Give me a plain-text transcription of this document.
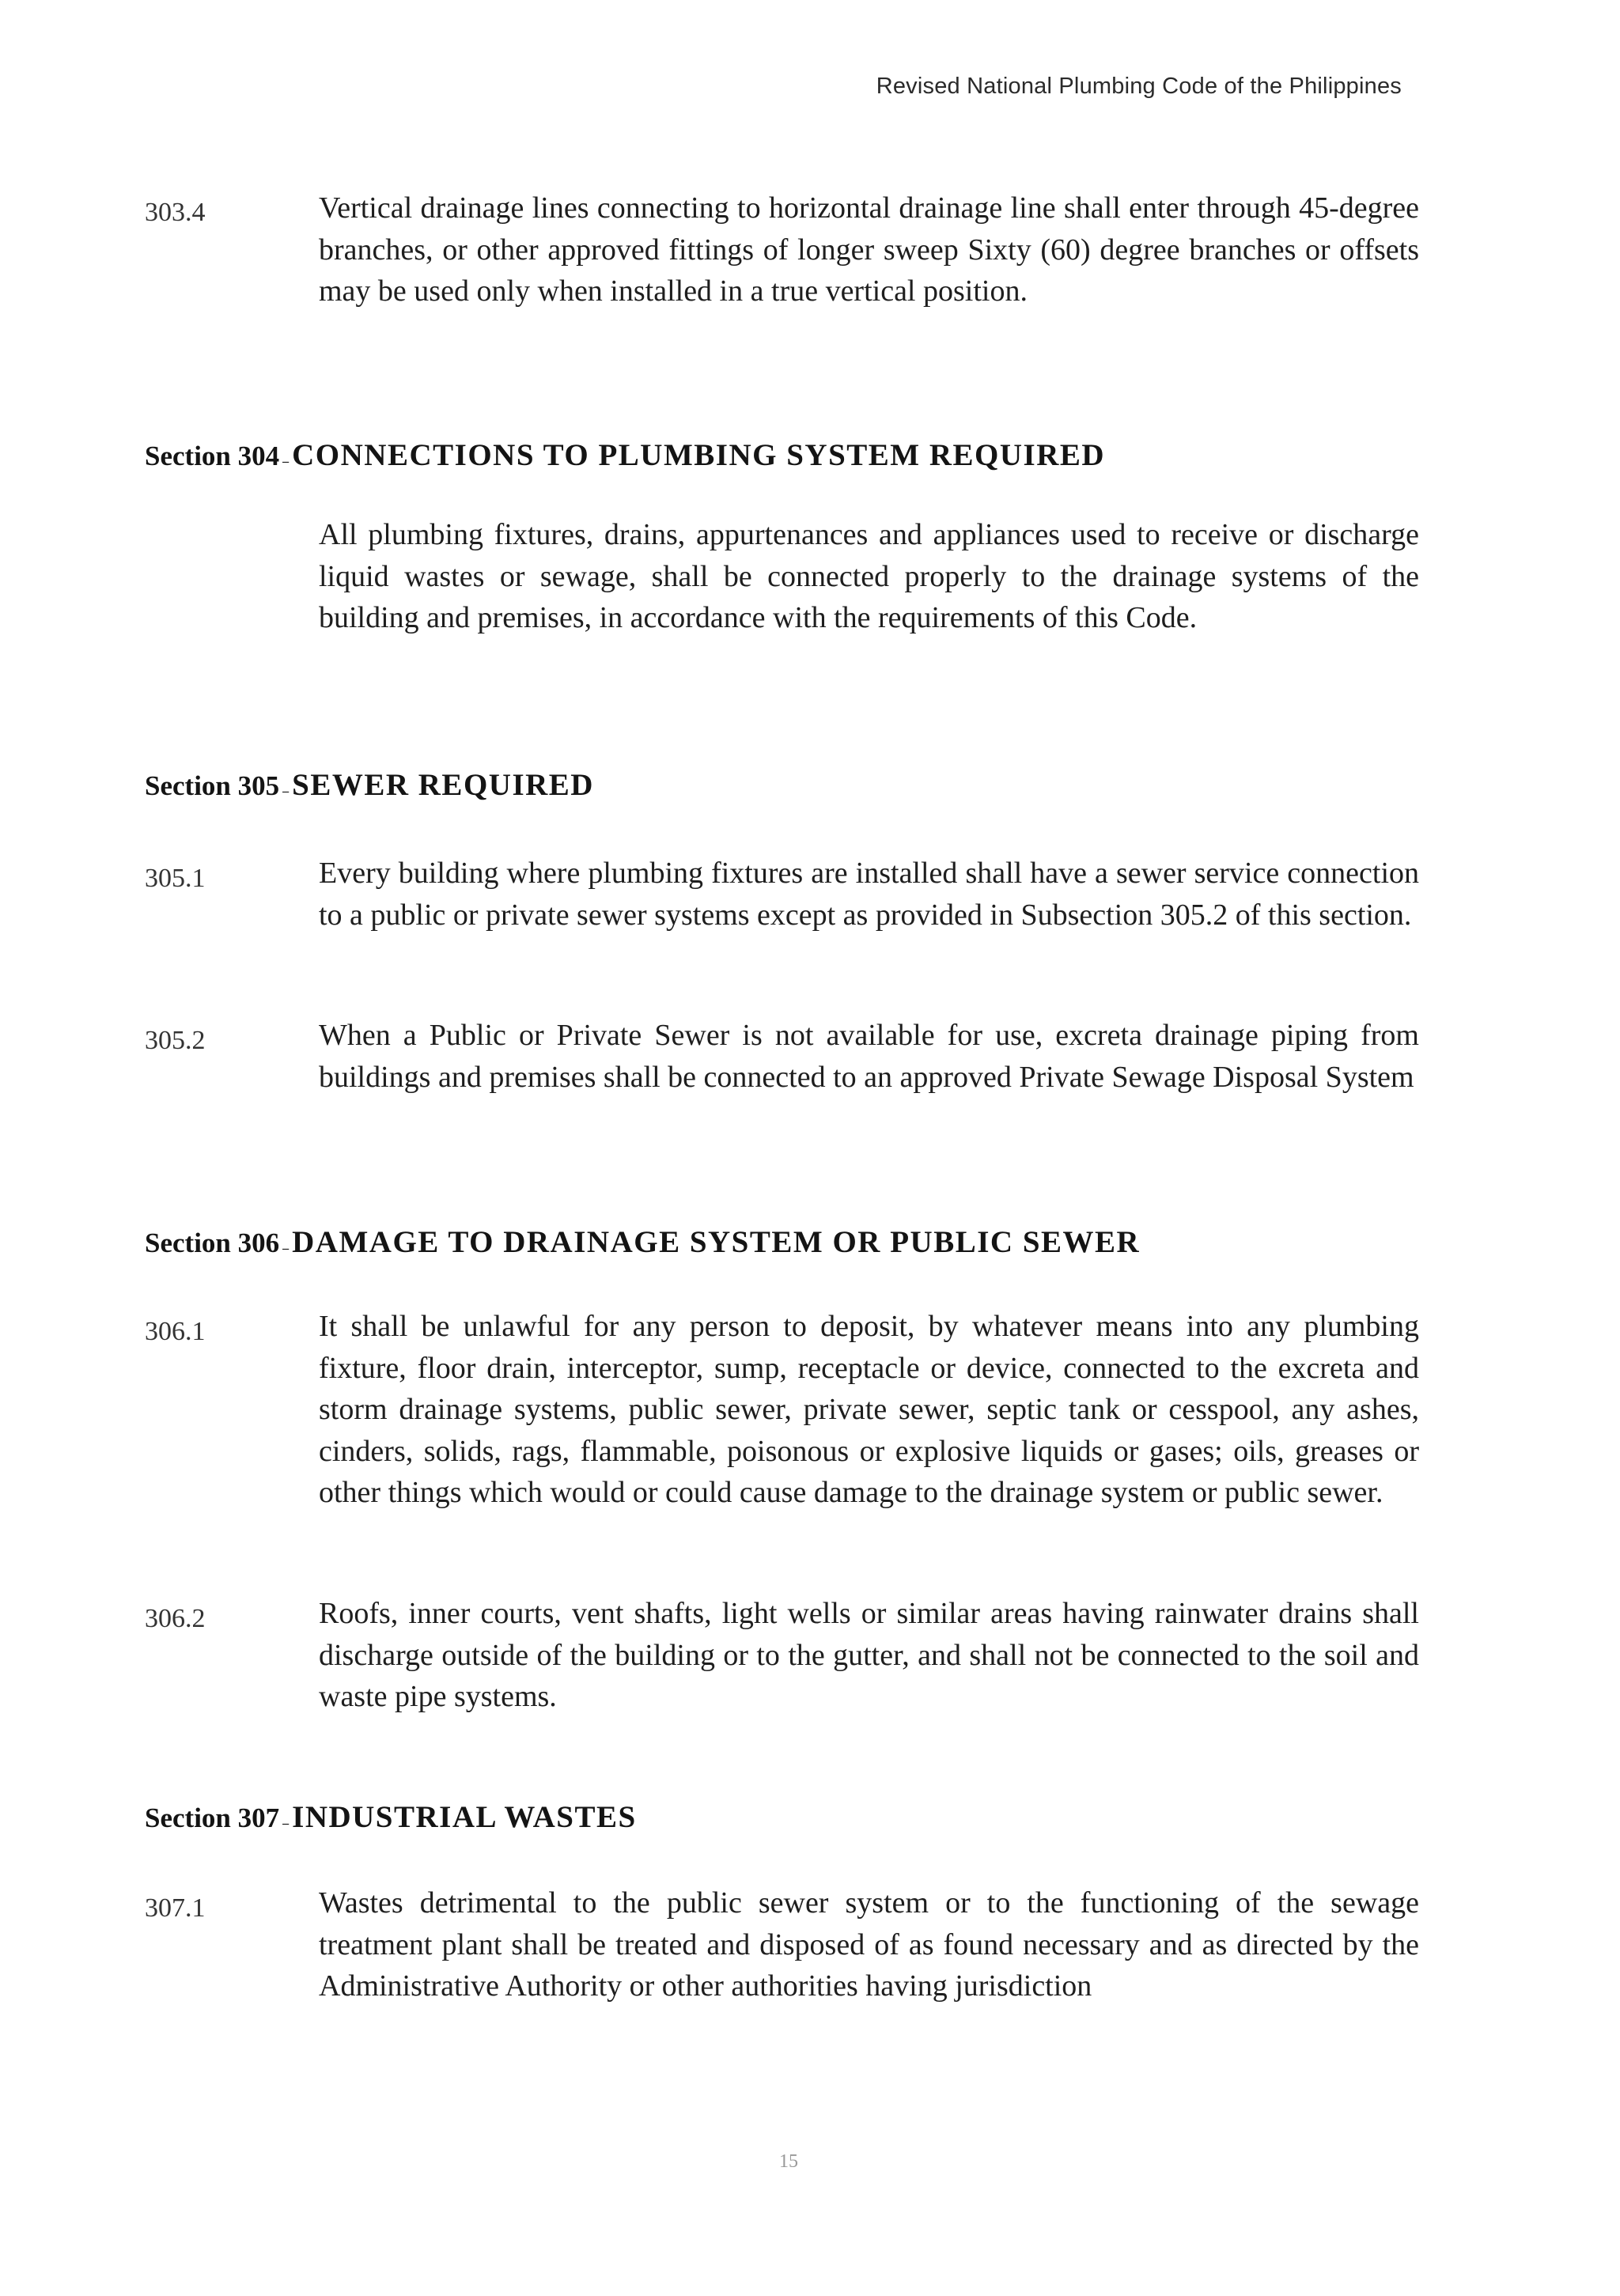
Revised National Plumbing Code of the Philippines
303.4	Vertical drainage lines connecting to horizontal drainage line shall enter through 45-degree branches, or other approved fittings of longer sweep Sixty (60) degree branches or offsets may be used only when installed in a true vertical position.
Section 304 – CONNECTIONS TO PLUMBING SYSTEM REQUIRED
All plumbing fixtures, drains, appurtenances and appliances used to receive or discharge liquid wastes or sewage, shall be connected properly to the drainage systems of the building and premises, in accordance with the requirements of this Code.
Section 305 – SEWER REQUIRED
305.1	Every building where plumbing fixtures are installed shall have a sewer service connection to a public or private sewer systems except as provided in Subsection 305.2 of this section.
305.2	When a Public or Private Sewer is not available for use, excreta drainage piping from buildings and premises shall be connected to an approved Private Sewage Disposal System
Section 306 – DAMAGE TO DRAINAGE SYSTEM OR PUBLIC SEWER
306.1	It shall be unlawful for any person to deposit, by whatever means into any plumbing fixture, floor drain, interceptor, sump, receptacle or device, connected to the excreta and storm drainage systems, public sewer, private sewer, septic tank or cesspool, any ashes, cinders, solids, rags, flammable, poisonous or explosive liquids or gases; oils, greases or other things which would or could cause damage to the drainage system or public sewer.
306.2	Roofs, inner courts, vent shafts, light wells or similar areas having rainwater drains shall discharge outside of the building or to the gutter, and shall not be connected to the soil and waste pipe systems.
Section 307 – INDUSTRIAL WASTES
307.1	Wastes detrimental to the public sewer system or to the functioning of the sewage treatment plant shall be treated and disposed of as found necessary and as directed by the Administrative Authority or other authorities having jurisdiction
15
